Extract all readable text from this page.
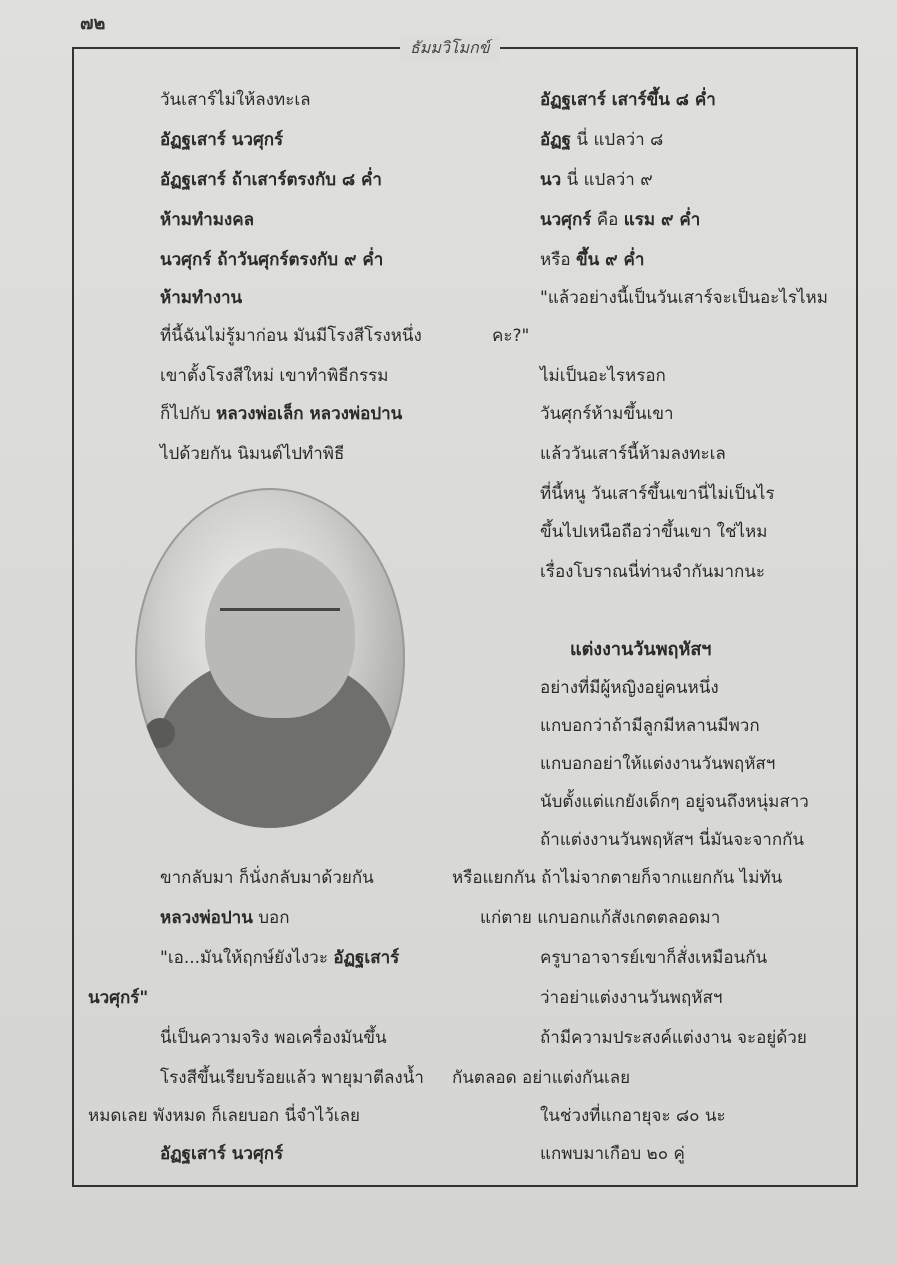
๗๒
ธัมมวิโมกข์
วันเสาร์ไม่ให้ลงทะเล
อัฏฐเสาร์ นวศุกร์
อัฏฐเสาร์ ถ้าเสาร์ตรงกับ ๘ ค่ำ
ห้ามทำมงคล
นวศุกร์ ถ้าวันศุกร์ตรงกับ ๙ ค่ำ
ห้ามทำงาน
ที่นี้ฉันไม่รู้มาก่อน มันมีโรงสีโรงหนึ่ง	คะ?"
เขาตั้งโรงสีใหม่ เขาทำพิธีกรรม
ก็ไปกับ หลวงพ่อเล็ก หลวงพ่อปาน
ไปด้วยกัน นิมนต์ไปทำพิธี
ขากลับมา ก็นั่งกลับมาด้วยกัน
หลวงพ่อปาน บอก
"เอ...มันให้ฤกษ์ยังไงวะ อัฏฐเสาร์
นวศุกร์"
นี่เป็นความจริง พอเครื่องมันขึ้น
โรงสีขึ้นเรียบร้อยแล้ว พายุมาตีลงน้ำ
หมดเลย พังหมด ก็เลยบอก นี่จำไว้เลย
อัฏฐเสาร์ นวศุกร์
อัฏฐเสาร์ เสาร์ขึ้น ๘ ค่ำ
อัฏฐ นี่ แปลว่า ๘
นว นี่ แปลว่า ๙
นวศุกร์ คือ แรม ๙ ค่ำ
หรือ ขึ้น ๙ ค่ำ
"แล้วอย่างนี้เป็นวันเสาร์จะเป็นอะไรไหม
ไม่เป็นอะไรหรอก
วันศุกร์ห้ามขึ้นเขา
แล้ววันเสาร์นี้ห้ามลงทะเล
ที่นี้หนู วันเสาร์ขึ้นเขานี่ไม่เป็นไร
ขึ้นไปเหนือถือว่าขึ้นเขา ใช่ไหม
เรื่องโบราณนี่ท่านจำกันมากนะ
แต่งงานวันพฤหัสฯ
อย่างที่มีผู้หญิงอยู่คนหนึ่ง
แกบอกว่าถ้ามีลูกมีหลานมีพวก
แกบอกอย่าให้แต่งงานวันพฤหัสฯ
นับตั้งแต่แกยังเด็กๆ อยู่จนถึงหนุ่มสาว
ถ้าแต่งงานวันพฤหัสฯ นี่มันจะจากกัน
หรือแยกกัน ถ้าไม่จากตายก็จากแยกกัน ไม่ทัน
แก่ตาย แกบอกแก้สังเกตตลอดมา
ครูบาอาจารย์เขาก็สั่งเหมือนกัน
ว่าอย่าแต่งงานวันพฤหัสฯ
ถ้ามีความประสงค์แต่งงาน จะอยู่ด้วย
กันตลอด อย่าแต่งกันเลย
ในช่วงที่แกอายุจะ ๘๐ นะ
แกพบมาเกือบ ๒๐ คู่
